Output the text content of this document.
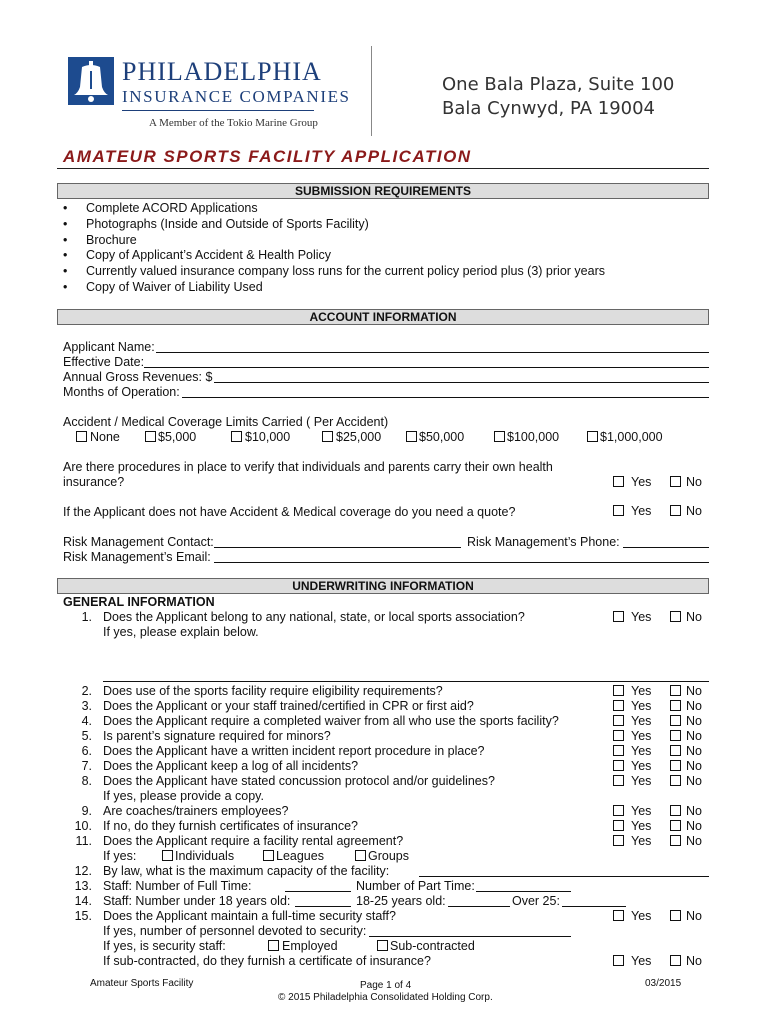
PHILADELPHIA
INSURANCE COMPANIES
A Member of the Tokio Marine Group
One Bala Plaza, Suite 100
Bala Cynwyd, PA 19004
AMATEUR SPORTS FACILITY APPLICATION
SUBMISSION REQUIREMENTS
• Complete ACORD Applications
• Photographs (Inside and Outside of Sports Facility)
• Brochure
• Copy of Applicant’s Accident & Health Policy
• Currently valued insurance company loss runs for the current policy period plus (3) prior years
• Copy of Waiver of Liability Used
ACCOUNT INFORMATION
Applicant Name:
Effective Date:
Annual Gross Revenues: $
Months of Operation:
Accident / Medical Coverage Limits Carried ( Per Accident)
None	$5,000	$10,000	$25,000	$50,000	$100,000	$1,000,000
Are there procedures in place to verify that individuals and parents carry their own health
insurance?	Yes	No
If the Applicant does not have Accident & Medical coverage do you need a quote?	Yes	No
Risk Management Contact:	Risk Management’s Phone:
Risk Management’s Email:
UNDERWRITING INFORMATION
GENERAL INFORMATION
1. Does the Applicant belong to any national, state, or local sports association?
If yes, please explain below.
Yes	No
2. Does use of the sports facility require eligibility requirements?	Yes	No
3. Does the Applicant or your staff trained/certified in CPR or first aid?	Yes	No
4. Does the Applicant require a completed waiver from all who use the sports facility?	Yes	No
5. Is parent’s signature required for minors?	Yes	No
6. Does the Applicant have a written incident report procedure in place?	Yes	No
7. Does the Applicant keep a log of all incidents?	Yes	No
8. Does the Applicant have stated concussion protocol and/or guidelines?	Yes	No
If yes, please provide a copy.
9. Are coaches/trainers employees?	Yes	No
10. If no, do they furnish certificates of insurance?	Yes	No
11. Does the Applicant require a facility rental agreement?	Yes	No
If yes:	Individuals	Leagues	Groups
12. By law, what is the maximum capacity of the facility:
13. Staff: Number of Full Time:	Number of Part Time:
14. Staff: Number under 18 years old:	18-25 years old:	Over 25:
15. Does the Applicant maintain a full-time security staff?	Yes	No
If yes, number of personnel devoted to security:
If yes, is security staff:	Employed	Sub-contracted
If sub-contracted, do they furnish a certificate of insurance?	Yes	No
Amateur Sports Facility	Page 1 of 4	03/2015
© 2015 Philadelphia Consolidated Holding Corp.
